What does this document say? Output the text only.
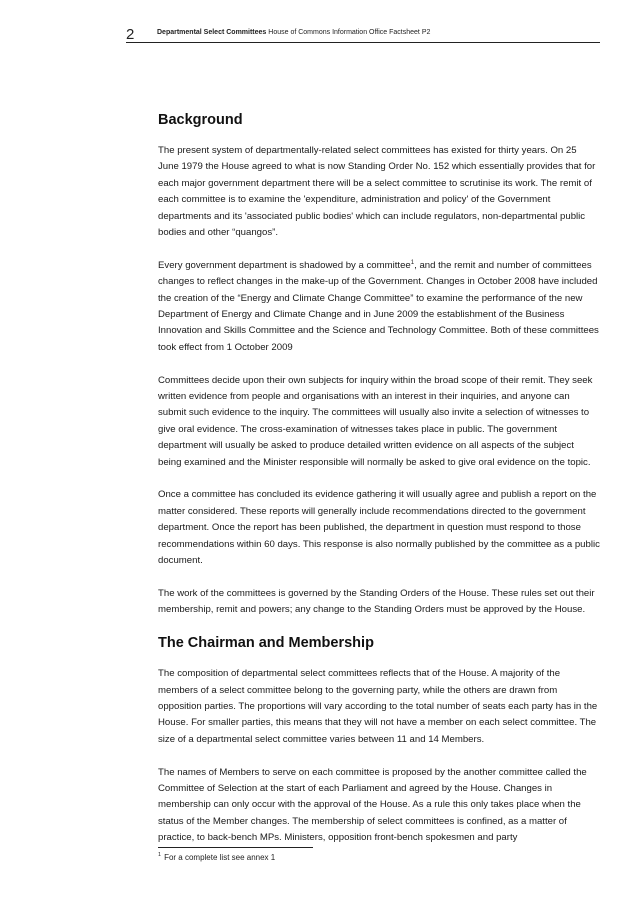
2	Departmental Select Committees House of Commons Information Office Factsheet P2
Background

The present system of departmentally-related select committees has existed for thirty years. On 25 June 1979 the House agreed to what is now Standing Order No. 152 which essentially provides that for each major government department there will be a select committee to scrutinise its work. The remit of each committee is to examine the 'expenditure, administration and policy' of the Government departments and its 'associated public bodies' which can include regulators, non-departmental public bodies and other “quangos”.

Every government department is shadowed by a committee$^1$, and the remit and number of committees changes to reflect changes in the make-up of the Government. Changes in October 2008 have included the creation of the “Energy and Climate Change Committee” to examine the performance of the new Department of Energy and Climate Change and in June 2009 the establishment of the Business Innovation and Skills Committee and the Science and Technology Committee. Both of these committees took effect from 1 October 2009

Committees decide upon their own subjects for inquiry within the broad scope of their remit. They seek written evidence from people and organisations with an interest in their inquiries, and anyone can submit such evidence to the inquiry. The committees will usually also invite a selection of witnesses to give oral evidence. The cross-examination of witnesses takes place in public. The government department will usually be asked to produce detailed written evidence on all aspects of the subject being examined and the Minister responsible will normally be asked to give oral evidence on the topic.

Once a committee has concluded its evidence gathering it will usually agree and publish a report on the matter considered. These reports will generally include recommendations directed to the government department. Once the report has been published, the department in question must respond to those recommendations within 60 days. This response is also normally published by the committee as a public document.

The work of the committees is governed by the Standing Orders of the House. These rules set out their membership, remit and powers; any change to the Standing Orders must be approved by the House.

The Chairman and Membership

The composition of departmental select committees reflects that of the House. A majority of the members of a select committee belong to the governing party, while the others are drawn from opposition parties. The proportions will vary according to the total number of seats each party has in the House. For smaller parties, this means that they will not have a member on each select committee. The size of a departmental select committee varies between 11 and 14 Members.

The names of Members to serve on each committee is proposed by the another committee called the Committee of Selection at the start of each Parliament and agreed by the House. Changes in membership can only occur with the approval of the House. As a rule this only takes place when the status of the Member changes. The membership of select committees is confined, as a matter of practice, to back-bench MPs. Ministers, opposition front-bench spokesmen and party

$^1$ For a complete list see annex 1
